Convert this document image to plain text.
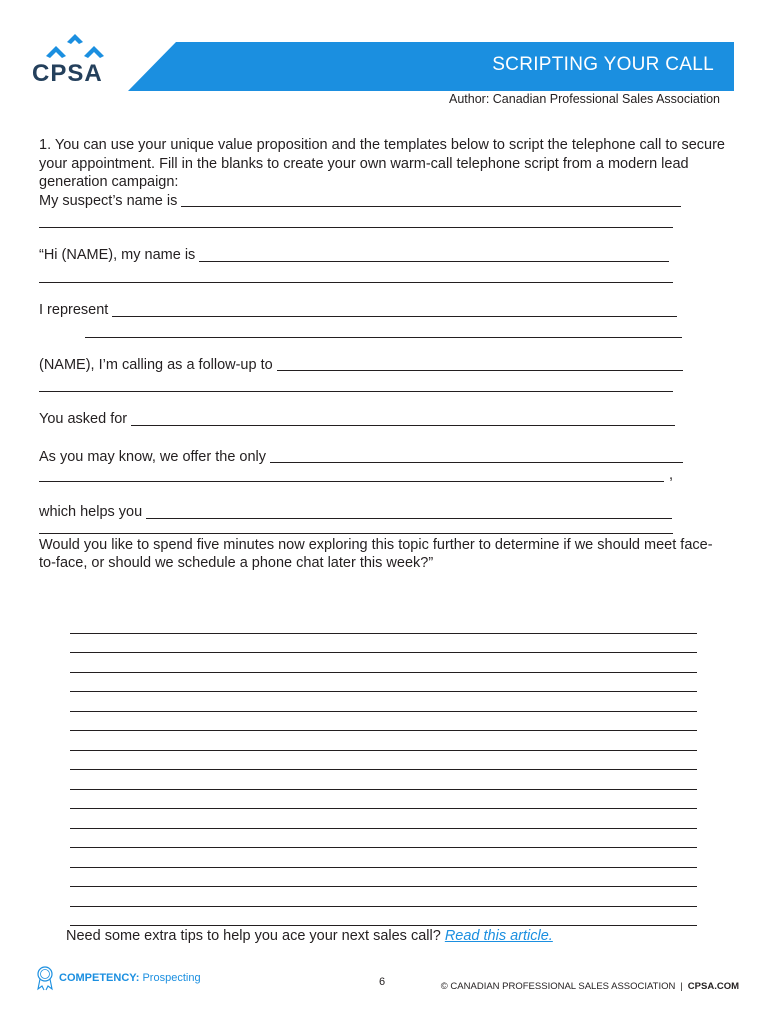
CPSA	SCRIPTING YOUR CALL
Author: Canadian Professional Sales Association

1. You can use your unique value proposition and the templates below to script the telephone call to secure your appointment. Fill in the blanks to create your own warm-call telephone script from a modern lead generation campaign:

My suspect’s name is
“Hi (NAME), my name is
I represent
(NAME), I’m calling as a follow-up to
You asked for
As you may know, we offer the only
,
which helps you

Would you like to spend five minutes now exploring this topic further to determine if we should meet face-to-face, or should we schedule a phone chat later this week?”

Need some extra tips to help you ace your next sales call? Read this article.
COMPETENCY: Prospecting	6	© CANADIAN PROFESSIONAL SALES ASSOCIATION | CPSA.COM
